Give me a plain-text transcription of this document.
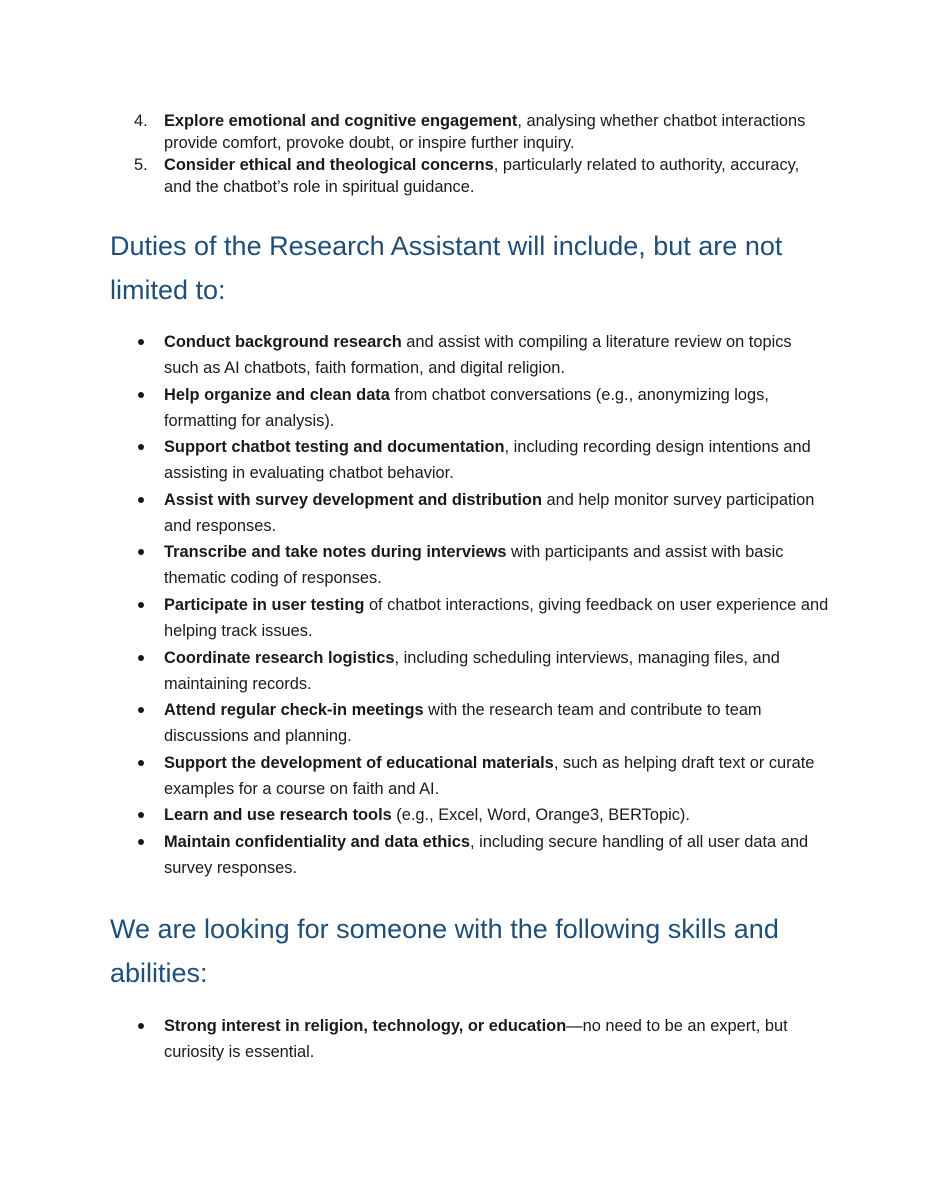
4. Explore emotional and cognitive engagement, analysing whether chatbot interactions provide comfort, provoke doubt, or inspire further inquiry.
5. Consider ethical and theological concerns, particularly related to authority, accuracy, and the chatbot’s role in spiritual guidance.
Duties of the Research Assistant will include, but are not limited to:
Conduct background research and assist with compiling a literature review on topics such as AI chatbots, faith formation, and digital religion.
Help organize and clean data from chatbot conversations (e.g., anonymizing logs, formatting for analysis).
Support chatbot testing and documentation, including recording design intentions and assisting in evaluating chatbot behavior.
Assist with survey development and distribution and help monitor survey participation and responses.
Transcribe and take notes during interviews with participants and assist with basic thematic coding of responses.
Participate in user testing of chatbot interactions, giving feedback on user experience and helping track issues.
Coordinate research logistics, including scheduling interviews, managing files, and maintaining records.
Attend regular check-in meetings with the research team and contribute to team discussions and planning.
Support the development of educational materials, such as helping draft text or curate examples for a course on faith and AI.
Learn and use research tools (e.g., Excel, Word, Orange3, BERTopic).
Maintain confidentiality and data ethics, including secure handling of all user data and survey responses.
We are looking for someone with the following skills and abilities:
Strong interest in religion, technology, or education—no need to be an expert, but curiosity is essential.
